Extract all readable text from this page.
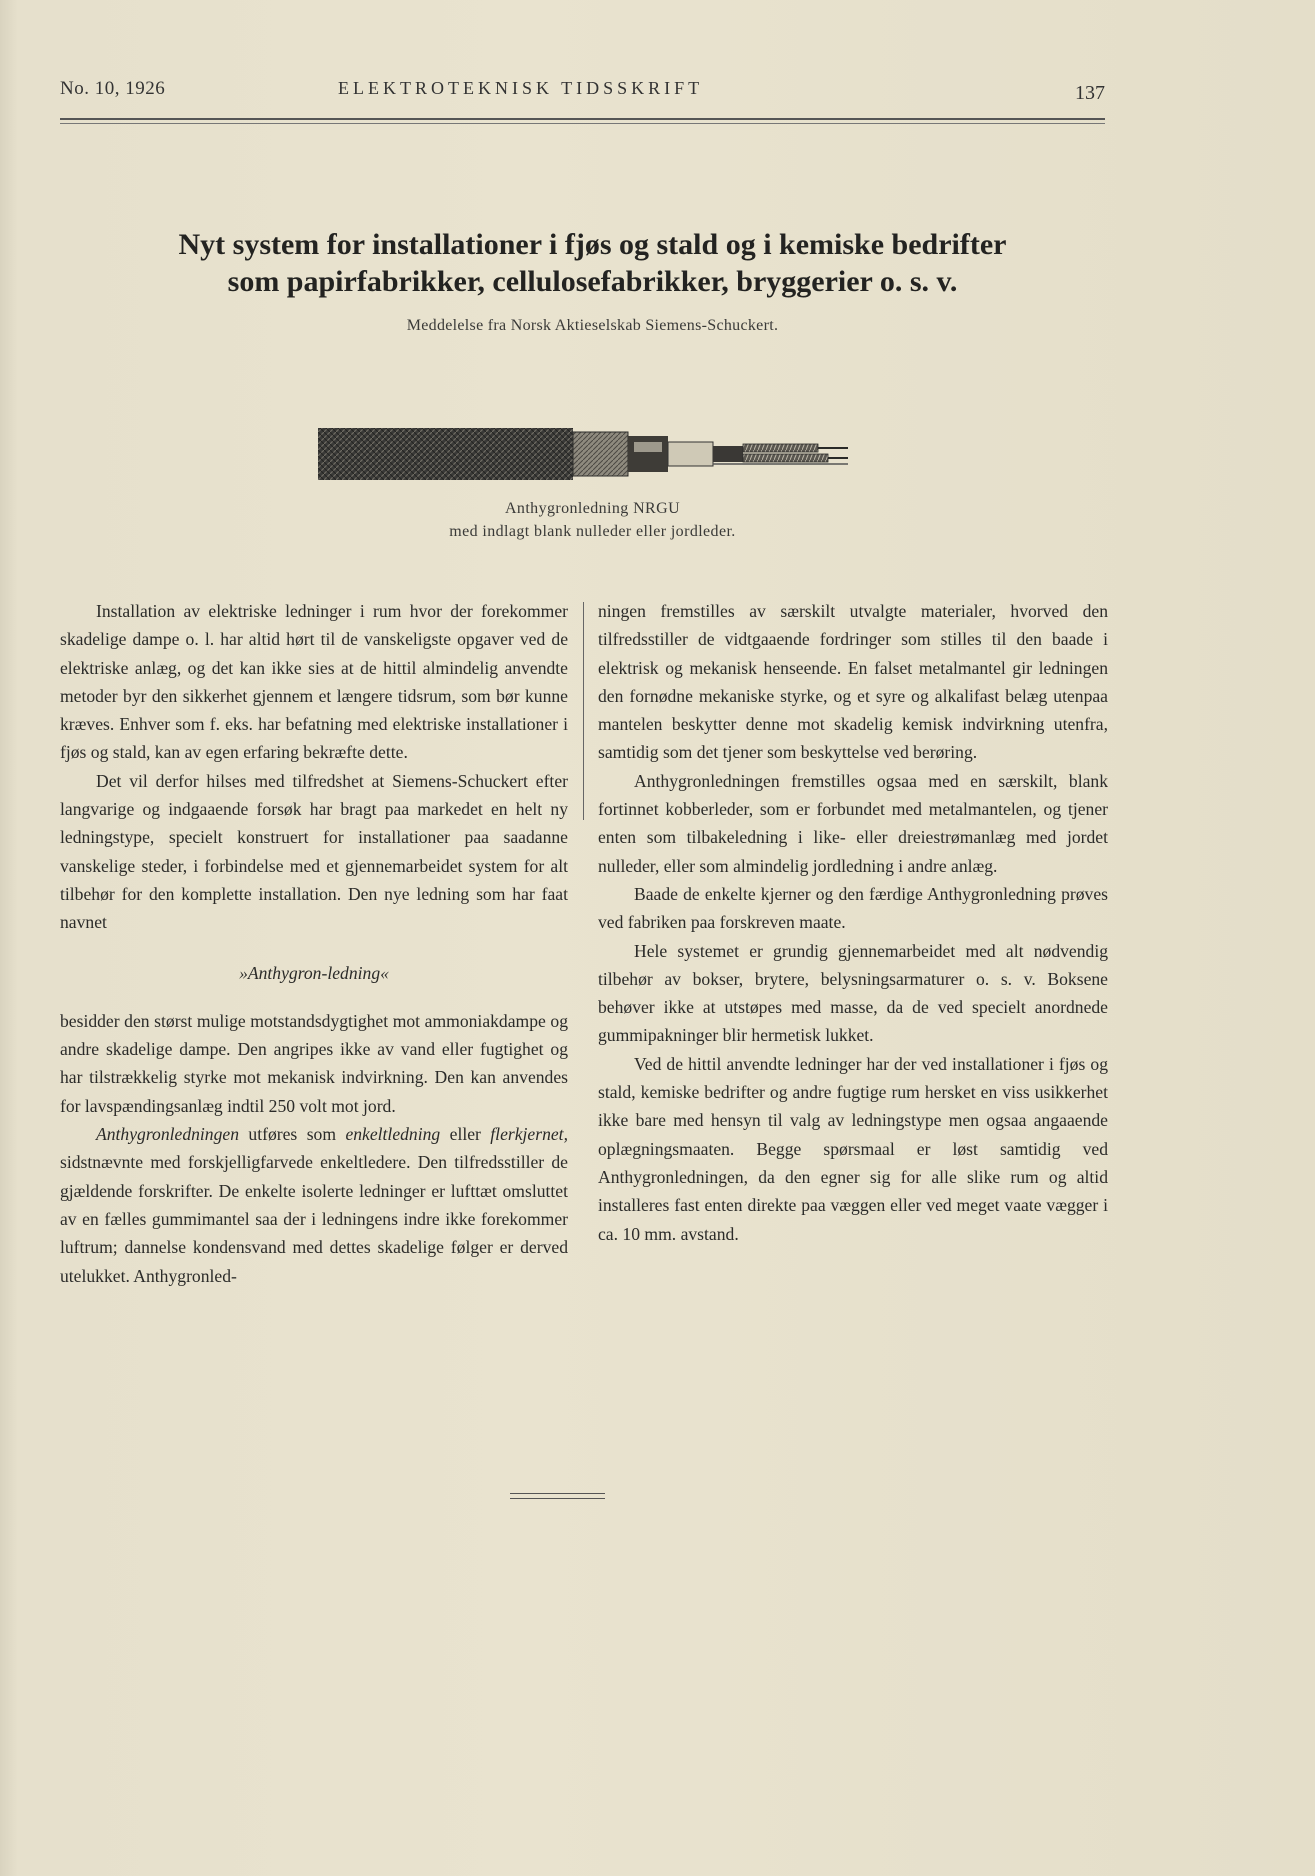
No. 10, 1926	ELEKTROTEKNISK TIDSSKRIFT	137
Nyt system for installationer i fjøs og stald og i kemiske bedrifter
som papirfabrikker, cellulosefabrikker, bryggerier o. s. v.
Meddelelse fra Norsk Aktieselskab Siemens-Schuckert.
Anthygronledning NRGU
med indlagt blank nulleder eller jordleder.

Installation av elektriske ledninger i rum hvor der forekommer skadelige dampe o. l. har altid hørt til de vanskeligste opgaver ved de elektriske anlæg, og det kan ikke sies at de hittil almindelig anvendte metoder byr den sikkerhet gjennem et længere tidsrum, som bør kunne kræves. Enhver som f. eks. har befatning med elektriske installationer i fjøs og stald, kan av egen erfaring bekræfte dette.

Det vil derfor hilses med tilfredshet at Siemens-Schuckert efter langvarige og indgaaende forsøk har bragt paa markedet en helt ny ledningstype, specielt konstruert for installationer paa saadanne vanskelige steder, i forbindelse med et gjennemarbeidet system for alt tilbehør for den komplette installation. Den nye ledning som har faat navnet

»Anthygron-ledning«

besidder den størst mulige motstandsdygtighet mot ammoniakdampe og andre skadelige dampe. Den angripes ikke av vand eller fugtighet og har tilstrækkelig styrke mot mekanisk indvirkning. Den kan anvendes for lavspændingsanlæg indtil 250 volt mot jord.

Anthygronledningen utføres som enkeltledning eller flerkjernet, sidstnævnte med forskjelligfarvede enkeltledere. Den tilfredsstiller de gjældende forskrifter. De enkelte isolerte ledninger er lufttæt omsluttet av en fælles gummimantel saa der i ledningens indre ikke forekommer luftrum; dannelse kondensvand med dettes skadelige følger er derved utelukket. Anthygronled-

ningen fremstilles av særskilt utvalgte materialer, hvorved den tilfredsstiller de vidtgaaende fordringer som stilles til den baade i elektrisk og mekanisk henseende. En falset metalmantel gir ledningen den fornødne mekaniske styrke, og et syre og alkalifast belæg utenpaa mantelen beskytter denne mot skadelig kemisk indvirkning utenfra, samtidig som det tjener som beskyttelse ved berøring.

Anthygronledningen fremstilles ogsaa med en særskilt, blank fortinnet kobberleder, som er forbundet med metalmantelen, og tjener enten som tilbakeledning i like- eller dreiestrømanlæg med jordet nulleder, eller som almindelig jordledning i andre anlæg.

Baade de enkelte kjerner og den færdige Anthygronledning prøves ved fabriken paa forskreven maate.

Hele systemet er grundig gjennemarbeidet med alt nødvendig tilbehør av bokser, brytere, belysningsarmaturer o. s. v. Boksene behøver ikke at utstøpes med masse, da de ved specielt anordnede gummipakninger blir hermetisk lukket.

Ved de hittil anvendte ledninger har der ved installationer i fjøs og stald, kemiske bedrifter og andre fugtige rum hersket en viss usikkerhet ikke bare med hensyn til valg av ledningstype men ogsaa angaaende oplægningsmaaten. Begge spørsmaal er løst samtidig ved Anthygronledningen, da den egner sig for alle slike rum og altid installeres fast enten direkte paa væggen eller ved meget vaate vægger i ca. 10 mm. avstand.
